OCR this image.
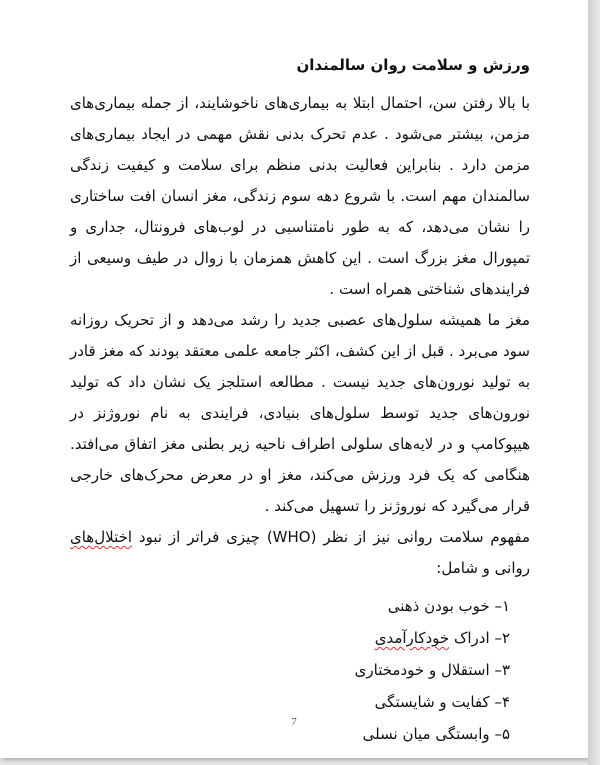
ورزش و سلامت روان سالمندان

با بالا رفتن سن، احتمال ابتلا به بیماری‌های ناخوشایند، از جمله بیماری‌های مزمن، بیشتر می‌شود . عدم تحرک بدنی نقش مهمی در ایجاد بیماری‌های مزمن دارد . بنابراین فعالیت بدنی منظم برای سلامت و کیفیت زندگی سالمندان مهم است. با شروع دهه سوم زندگی، مغز انسان افت ساختاری را نشان می‌دهد، که به طور نامتناسبی در لوب‌های فرونتال، جداری و تمپورال مغز بزرگ است . این کاهش همزمان با زوال در طیف وسیعی از فرایندهای شناختی همراه است .

مغز ما همیشه سلول‌های عصبی جدید را رشد می‌دهد و از تحریک روزانه سود می‌برد . قبل از این کشف، اکثر جامعه علمی معتقد بودند که مغز قادر به تولید نورون‌های جدید نیست . مطالعه استلجز یک نشان داد که تولید نورون‌های جدید توسط سلول‌های بنیادی، فرایندی به نام نوروژنز در هیپوکامپ و در لایه‌های سلولی اطراف ناحیه زیر بطنی مغز اتفاق می‌افتد. هنگامی که یک فرد ورزش می‌کند، مغز او در معرض محرک‌های خارجی قرار می‌گیرد که نوروژنز را تسهیل می‌کند .

مفهوم سلامت روانی نیز از نظر (WHO) چیزی فراتر از نبود اختلال‌های روانی و شامل:

۱– خوب بودن ذهنی
۲– ادراک خودکارآمدی
۳– استقلال و خودمختاری
۴– کفایت و شایستگی
۵– وابستگی میان نسلی
7
